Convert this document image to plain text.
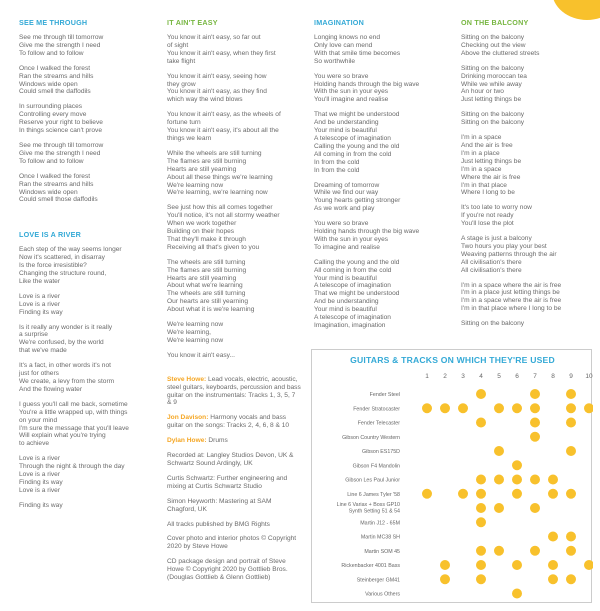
SEE ME THROUGH
See me through till tomorrow
Give me the strength I need
To follow and to follow
Once I walked the forest
Ran the streams and hills
Windows wide open
Could smell the daffodils
In surrounding places
Controlling every move
Reserve your right to believe
In things science can't prove
See me through till tomorrow
Give me the strength I need
To follow and to follow
Once I walked the forest
Ran the streams and hills
Windows wide open
Could smell those daffodils
LOVE IS A RIVER
Each step of the way seems longer
Now it's scattered, in disarray
Is the force irresistible?
Changing the structure round,
Like the water
Love is a river
Love is a river
Finding its way
Is it really any wonder is it really
a surprise
We're confused, by the world
that we've made
It's a fact, in other words it's not
just for others
We create, a levy from the storm
And the flowing water
I guess you'll call me back, sometime
You're a little wrapped up, with things
on your mind
I'm sure the message that you'll leave
Will explain what you're trying
to achieve
Love is a river
Through the night & through the day
Love is a river
Finding its way
Love is a river
Finding its way
IT AIN'T EASY
You know it ain't easy, so far out
of sight
You know it ain't easy, when they first
take flight
You know it ain't easy, seeing how
they grow
You know it ain't easy, as they find
which way the wind blows
You know it ain't easy, as the wheels of
fortune turn
You know it ain't easy, it's about all the
things we learn
While the wheels are still turning
The flames are still burning
Hearts are still yearning
About all these things we're learning
We're learning now
We're learning, we're learning now
See just how this all comes together
You'll notice, it's not all stormy weather
When we work together
Building on their hopes
That they'll make it through
Receiving all that's given to you
The wheels are still turning
The flames are still burning
Hearts are still yearning
About what we're learning
The wheels are still turning
Our hearts are still yearning
About what it is we're learning
We're learning now
We're learning,
We're learning now
You know it ain't easy...
Steve Howe: Lead vocals, electric, acoustic, steel guitars, keyboards, percussion and bass guitar on the instrumentals: Tracks 1, 3, 5, 7 & 9
Jon Davison: Harmony vocals and bass guitar on the songs: Tracks 2, 4, 6, 8 & 10
Dylan Howe: Drums
Recorded at: Langley Studios Devon, UK & Schwartz Sound Ardingly, UK
Curtis Schwartz: Further engineering and mixing at Curtis Schwartz Studio
Simon Heyworth: Mastering at SAM Chagford, UK
All tracks published by BMG Rights
Cover photo and interior photos © Copyright 2020 by Steve Howe
CD package design and portrait of Steve Howe © Copyright 2020 by Gottlieb Bros. (Douglas Gottlieb & Glenn Gottlieb)
IMAGINATION
Longing knows no end
Only love can mend
With that smile time becomes
So worthwhile
You were so brave
Holding hands through the big wave
With the sun in your eyes
You'll imagine and realise
That we might be understood
And be understanding
Your mind is beautiful
A telescope of imagination
Calling the young and the old
All coming in from the cold
In from the cold
In from the cold
Dreaming of tomorrow
While we find our way
Young hearts getting stronger
As we work and play
You were so brave
Holding hands through the big wave
With the sun in your eyes
To imagine and realise
Calling the young and the old
All coming in from the cold
Your mind is beautiful
A telescope of imagination
That we might be understood
And be understanding
Your mind is beautiful
A telescope of imagination
Imagination, imagination
ON THE BALCONY
Sitting on the balcony
Checking out the view
Above the cluttered streets
Sitting on the balcony
Drinking moroccan tea
While we while away
An hour or two
Just letting things be
Sitting on the balcony
Sitting on the balcony
I'm in a space
And the air is free
I'm in a place
Just letting things be
I'm in a space
Where the air is free
I'm in that place
Where I long to be
It's too late to worry now
If you're not ready
You'll lose the plot
A stage is just a balcony
Two hours you play your best
Weaving patterns through the air
All civilisation's there
All civilisation's there
I'm in a space where the air is free
I'm in a place just letting things be
I'm in a space where the air is free
I'm in that place where I long to be
Sitting on the balcony
GUITARS & TRACKS ON WHICH THEY'RE USED
1 2 3 4 5 6 7 8 9 10
Fender Steel
Fender Stratocaster
Fender Telecaster
Gibson Country Western
Gibson ES175D
Gibson F4 Mandolin
Gibson Les Paul Junior
Line 6 James Tyler '58
Line 6 Variax + Boss GP10
Synth Setting 51 & 54
Martin J12 - 65M
Martin MC38 SH
Martin SOM 45
Rickenbacker 4001 Bass
Steinberger GM41
Various Others
